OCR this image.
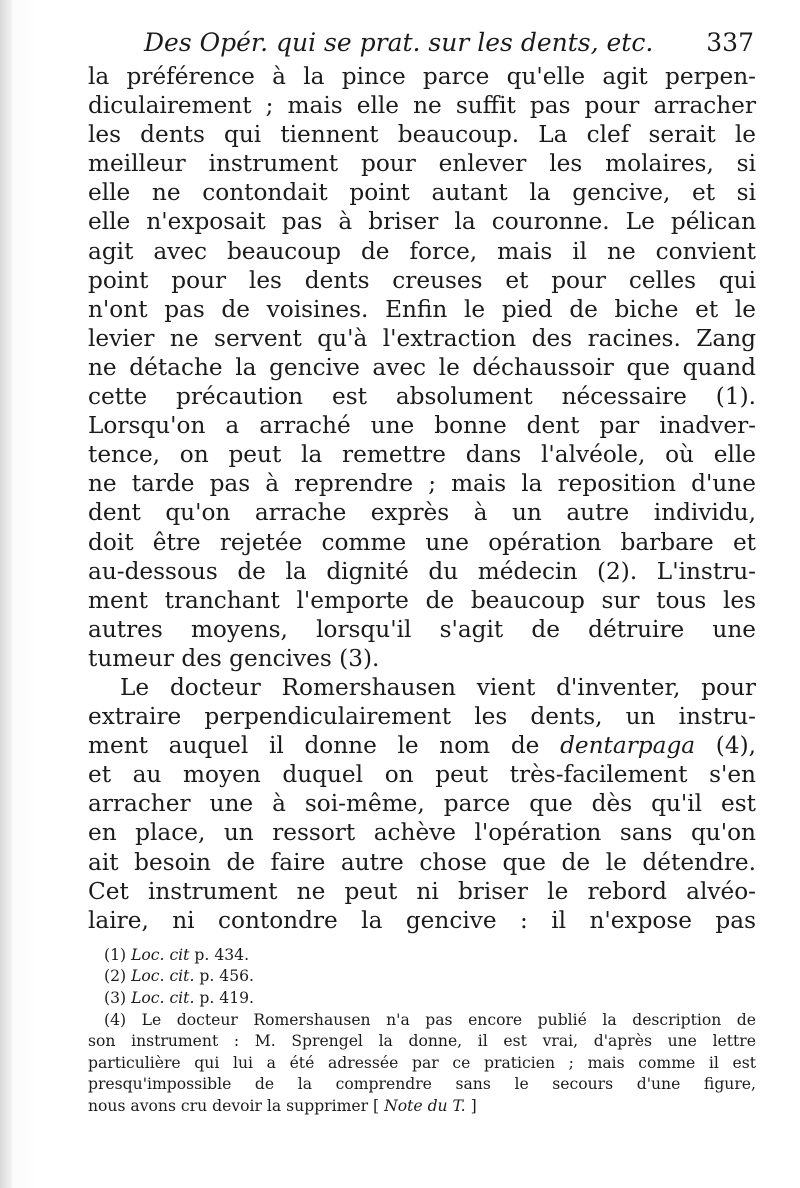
Des Opér. qui se prat. sur les dents, etc. 337
la préférence à la pince parce qu'elle agit perpen-
diculairement ; mais elle ne suffit pas pour arracher
les dents qui tiennent beaucoup. La clef serait le
meilleur instrument pour enlever les molaires, si
elle ne contondait point autant la gencive, et si
elle n'exposait pas à briser la couronne. Le pélican
agit avec beaucoup de force, mais il ne convient
point pour les dents creuses et pour celles qui
n'ont pas de voisines. Enfin le pied de biche et le
levier ne servent qu'à l'extraction des racines. Zang
ne détache la gencive avec le déchaussoir que quand
cette précaution est absolument nécessaire (1).
Lorsqu'on a arraché une bonne dent par inadver-
tence, on peut la remettre dans l'alvéole, où elle
ne tarde pas à reprendre ; mais la reposition d'une
dent qu'on arrache exprès à un autre individu,
doit être rejetée comme une opération barbare et
au-dessous de la dignité du médecin (2). L'instru-
ment tranchant l'emporte de beaucoup sur tous les
autres moyens, lorsqu'il s'agit de détruire une
tumeur des gencives (3).
Le docteur Romershausen vient d'inventer, pour
extraire perpendiculairement les dents, un instru-
ment auquel il donne le nom de dentarpaga (4),
et au moyen duquel on peut très-facilement s'en
arracher une à soi-même, parce que dès qu'il est
en place, un ressort achève l'opération sans qu'on
ait besoin de faire autre chose que de le détendre.
Cet instrument ne peut ni briser le rebord alvéo-
laire, ni contondre la gencive : il n'expose pas
(1) Loc. cit p. 434.
(2) Loc. cit. p. 456.
(3) Loc. cit. p. 419.
(4) Le docteur Romershausen n'a pas encore publié la description de
son instrument : M. Sprengel la donne, il est vrai, d'après une lettre
particulière qui lui a été adressée par ce praticien ; mais comme il est
presqu'impossible de la comprendre sans le secours d'une figure,
nous avons cru devoir la supprimer [ Note du T. ]
